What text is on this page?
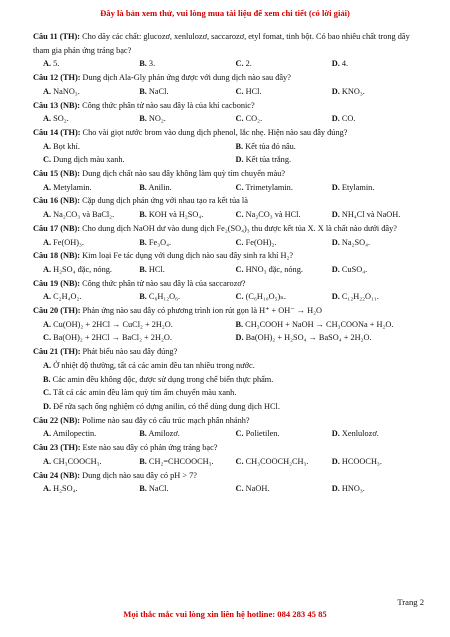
Đây là bản xem thử, vui lòng mua tài liệu để xem chi tiết (có lời giải)
Câu 11 (TH): Cho dãy các chất: glucozơ, xenlulozơ, saccarozơ, etyl fomat, tinh bột. Có bao nhiêu chất trong dãy tham gia phản ứng tráng bạc?
A. 5.	B. 3.	C. 2.	D. 4.
Câu 12 (TH): Dung dịch Ala-Gly phản ứng được với dung dịch nào sau đây?
A. NaNO₃.	B. NaCl.	C. HCl.	D. KNO₃.
Câu 13 (NB): Công thức phân tử nào sau đây là của khí cacbonic?
A. SO₂.	B. NO₂.	C. CO₂.	D. CO.
Câu 14 (TH): Cho vài giọt nước brom vào dung dịch phenol, lắc nhẹ. Hiện nào sau đây đúng?
A. Bọt khí.	B. Kết tủa đỏ nâu.
C. Dung dịch màu xanh.	D. Kết tủa trắng.
Câu 15 (NB): Dung dịch chất nào sau đây không làm quỳ tím chuyển màu?
A. Metylamin.	B. Anilin.	C. Trimetylamin.	D. Etylamin.
Câu 16 (NB): Cặp dung dịch phản ứng với nhau tạo ra kết tủa là
A. Na₂CO₃ và BaCl₂.	B. KOH và H₂SO₄.	C. Na₂CO₃ và HCl.	D. NH₄Cl và NaOH.
Câu 17 (NB): Cho dung dịch NaOH dư vào dung dịch Fe₂(SO₄)₃ thu được kết tủa X. X là chất nào dưới đây?
A. Fe(OH)₃.	B. Fe₃O₄.	C. Fe(OH)₂.	D. Na₂SO₄.
Câu 18 (NB): Kim loại Fe tác dụng với dung dịch nào sau đây sinh ra khí H₂?
A. H₂SO₄ đặc, nóng.	B. HCl.	C. HNO₃ đặc, nóng.	D. CuSO₄.
Câu 19 (NB): Công thức phân tử nào sau đây là của saccarozơ?
A. C₂H₄O₂.	B. C₆H₁₂O₆.	C. (C₆H₁₀O₅)ₙ.	D. C₁₂H₂₂O₁₁.
Câu 20 (TH): Phản ứng nào sau đây có phương trình ion rút gọn là H⁺ + OH⁻ → H₂O
A. Cu(OH)₂ + 2HCl → CuCl₂ + 2H₂O.	B. CH₃COOH + NaOH → CH₃COONa + H₂O.
C. Ba(OH)₂ + 2HCl → BaCl₂ + 2H₂O.	D. Ba(OH)₂ + H₂SO₄ → BaSO₄ + 2H₂O.
Câu 21 (TH): Phát biểu nào sau đây đúng?
A. Ở nhiệt độ thường, tất cả các amin đều tan nhiều trong nước.
B. Các amin đều không độc, được sử dụng trong chế biến thực phẩm.
C. Tất cả các amin đều làm quỳ tím ẩm chuyển màu xanh.
D. Để rửa sạch ống nghiệm có dựng anilin, có thể dùng dung dịch HCl.
Câu 22 (NB): Polime nào sau đây có cấu trúc mạch phân nhánh?
A. Amilopectin.	B. Amilozơ.	C. Polietilen.	D. Xenlulozơ.
Câu 23 (TH): Este nào sau đây có phản ứng tráng bạc?
A. CH₃COOCH₃.	B. CH₂=CHCOOCH₃.	C. CH₃COOCH₂CH₃.	D. HCOOCH₃.
Câu 24 (NB): Dung dịch nào sau đây có pH > 7?
A. H₂SO₄.	B. NaCl.	C. NaOH.	D. HNO₃.
Trang 2
Mọi thắc mắc vui lòng xin liên hệ hotline: 084 283 45 85
